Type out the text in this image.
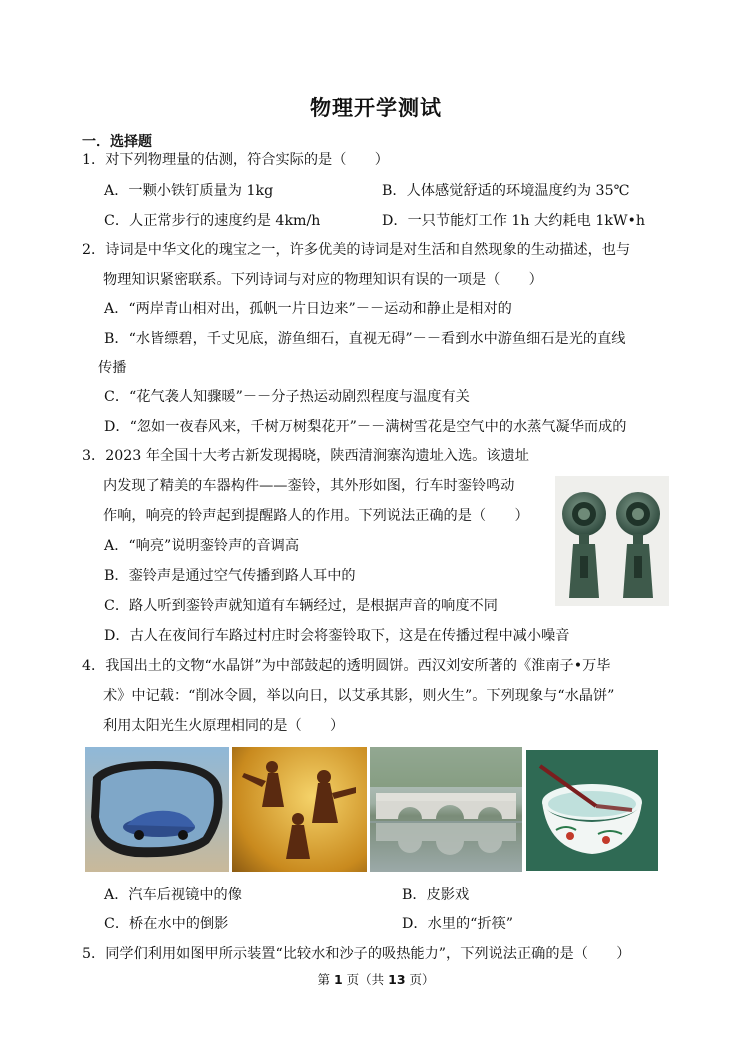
物理开学测试
一．选择题
1．对下列物理量的估测，符合实际的是（　　）
A．一颗小铁钉质量为 1kg	B．人体感觉舒适的环境温度约为 35℃
C．人正常步行的速度约是 4km/h	D．一只节能灯工作 1h 大约耗电 1kW•h
2．诗词是中华文化的瑰宝之一，许多优美的诗词是对生活和自然现象的生动描述，也与
物理知识紧密联系。下列诗词与对应的物理知识有误的一项是（　　）
A．“两岸青山相对出，孤帆一片日边来”－－运动和静止是相对的
B．“水皆缥碧，千丈见底，游鱼细石，直视无碍”－－看到水中游鱼细石是光的直线
传播
C．“花气袭人知骤暖”－－分子热运动剧烈程度与温度有关
D．“忽如一夜春风来，千树万树梨花开”－－满树雪花是空气中的水蒸气凝华而成的
3．2023 年全国十大考古新发现揭晓，陕西清涧寨沟遗址入选。该遗址
内发现了精美的车器构件——銮铃，其外形如图，行车时銮铃鸣动
作响，响亮的铃声起到提醒路人的作用。下列说法正确的是（　　）
A．“响亮”说明銮铃声的音调高
B．銮铃声是通过空气传播到路人耳中的
C．路人听到銮铃声就知道有车辆经过，是根据声音的响度不同
D．古人在夜间行车路过村庄时会将銮铃取下，这是在传播过程中减小噪音
4．我国出土的文物“水晶饼”为中部鼓起的透明圆饼。西汉刘安所著的《淮南子•万毕
术》中记载：“削冰令圆，举以向日，以艾承其影，则火生”。下列现象与“水晶饼”
利用太阳光生火原理相同的是（　　）
A．汽车后视镜中的像	B．皮影戏
C．桥在水中的倒影	D．水里的“折筷”
5．同学们利用如图甲所示装置“比较水和沙子的吸热能力”，下列说法正确的是（　　）
第 1 页（共 13 页）
